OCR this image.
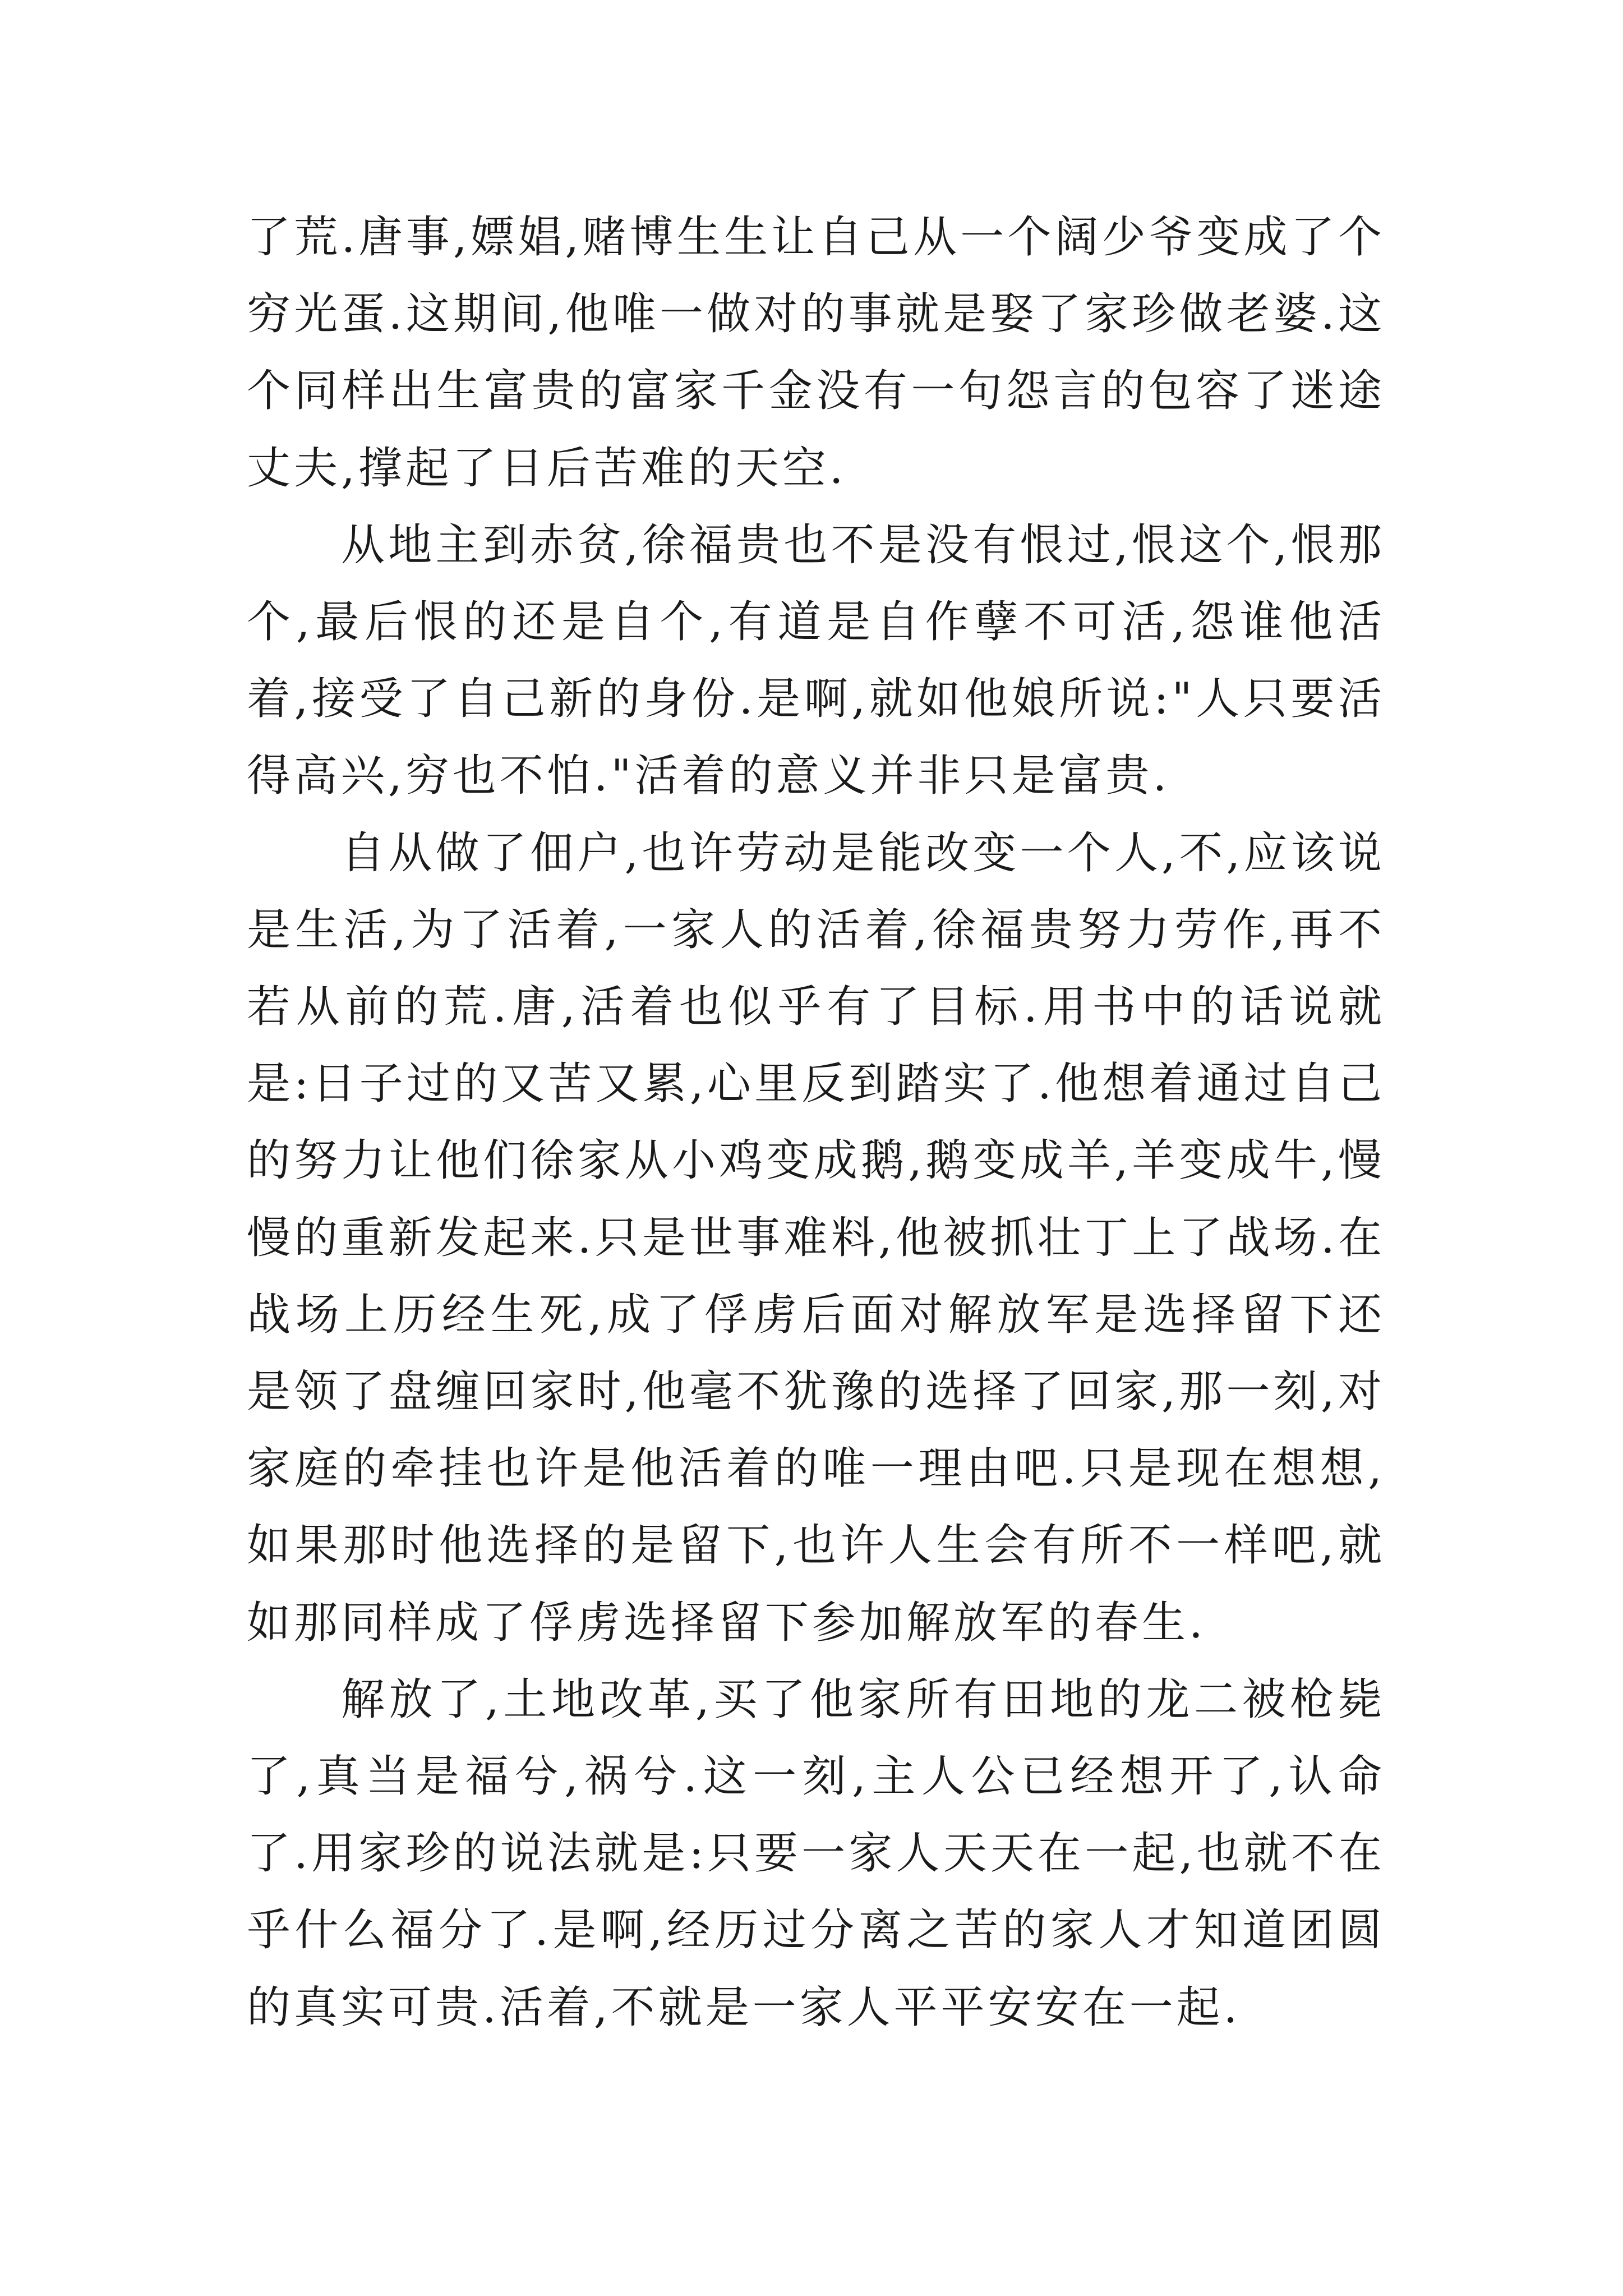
了荒.唐事,嫖娼,赌博生生让自己从一个阔少爷变成了个穷光蛋.这期间,他唯一做对的事就是娶了家珍做老婆.这个同样出生富贵的富家千金没有一句怨言的包容了迷途丈夫,撑起了日后苦难的天空.

从地主到赤贫,徐福贵也不是没有恨过,恨这个,恨那个,最后恨的还是自个,有道是自作孽不可活,怨谁他活着,接受了自己新的身份.是啊,就如他娘所说:"人只要活得高兴,穷也不怕."活着的意义并非只是富贵.

自从做了佃户,也许劳动是能改变一个人,不,应该说是生活,为了活着,一家人的活着,徐福贵努力劳作,再不若从前的荒.唐,活着也似乎有了目标.用书中的话说就是:日子过的又苦又累,心里反到踏实了.他想着通过自己的努力让他们徐家从小鸡变成鹅,鹅变成羊,羊变成牛,慢慢的重新发起来.只是世事难料,他被抓壮丁上了战场.在战场上历经生死,成了俘虏后面对解放军是选择留下还是领了盘缠回家时,他毫不犹豫的选择了回家,那一刻,对家庭的牵挂也许是他活着的唯一理由吧.只是现在想想,如果那时他选择的是留下,也许人生会有所不一样吧,就如那同样成了俘虏选择留下参加解放军的春生.

解放了,土地改革,买了他家所有田地的龙二被枪毙了,真当是福兮,祸兮.这一刻,主人公已经想开了,认命了.用家珍的说法就是:只要一家人天天在一起,也就不在乎什么福分了.是啊,经历过分离之苦的家人才知道团圆的真实可贵.活着,不就是一家人平平安安在一起.
